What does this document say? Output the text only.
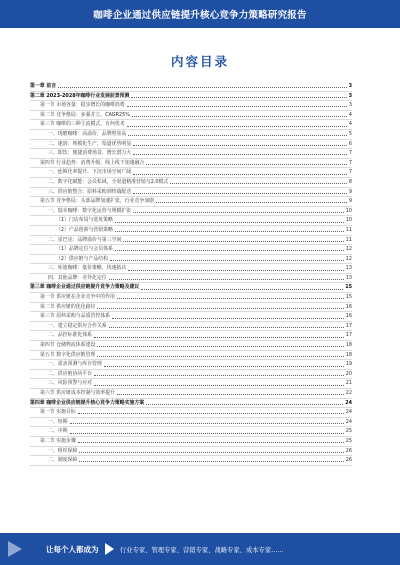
咖啡企业通过供应链提升核心竞争力策略研究报告
内容目录
第一章 前言	3
第二章 2023-2028年咖啡行业发展前景预测	3
第一节 市场容量：稳步增长的咖啡消费	3
第二节 竞争格局：多强并立，CAGR25%	4
第三节 咖啡的三种主流模式，有何优劣	4
一、现磨咖啡：高溢价，品牌壁垒高	5
二、速溶：规模化生产，渠道优势明显	6
三、即饮：便捷消费场景，增长潜力大	7
第四节 行业趋势：消费升级，线上线下加速融合	7
一、连锁化率提升，下沉市场空间广阔	7
二、数字化赋能：会员私域，全渠道精准营销与2.0模式	8
三、供应链整合：原料采购到终端配送	9
第五节 竞争格局：头部品牌加速扩张，行业竞争加剧	9
一、瑞幸咖啡：数字化运营与规模扩张	10
（1）门店布局与选址策略	10
（2）产品创新与营销策略	11
二、星巴克：品牌溢价与第三空间	11
（1）品牌定位与会员体系	12
（2）供应链与产品结构	12
三、库迪咖啡：低价策略，快速拓店	13
四、其他品牌：差异化定位	13
第三章 咖啡企业通过供应链提升竞争力策略及建议	15
第一节 供应链在企业竞争中的作用	15
第二节 供应链的优化路径	16
第三节 原料采购与品质管控体系	16
一、建立稳定供应合作关系	17
二、品控标准化体系	17
第四节 仓储物流体系建设	18
第五节 数字化供应链管理	18
一、需求预测与库存管理	19
二、供应链协同平台	20
三、风险预警与应对	21
第六节 供应链成本控制与效率提升	22
第四章 咖啡企业供应链提升核心竞争力策略实施方案	24
第一节 实施目标	24
一、短期	24
二、中期	25
第二节 实施步骤	25
一、组织保障	26
二、制度保障	26
让每个人都成为	行业专家、管理专家、营销专家、战略专家、成本专家……
